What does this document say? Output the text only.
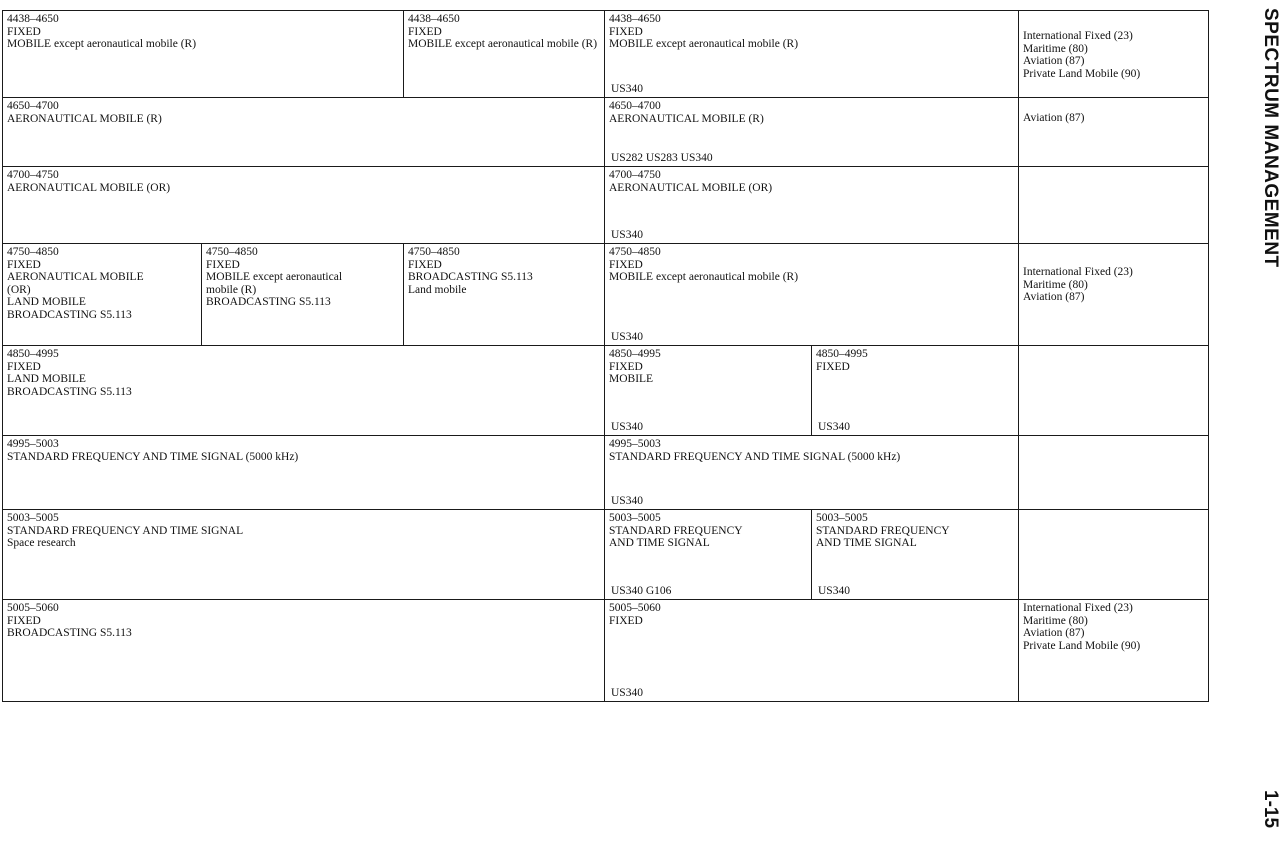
SPECTRUM MANAGEMENT
1-15
4438–4650
FIXED
MOBILE except aeronautical mobile (R)
4438–4650
FIXED
MOBILE except aeronautical mobile (R)
4438–4650
FIXED
MOBILE except aeronautical mobile (R)
US340
International Fixed (23)
Maritime (80)
Aviation (87)
Private Land Mobile (90)
4650–4700
AERONAUTICAL MOBILE (R)
4650–4700
AERONAUTICAL MOBILE (R)
US282 US283 US340
Aviation (87)
4700–4750
AERONAUTICAL MOBILE (OR)
4700–4750
AERONAUTICAL MOBILE (OR)
US340
4750–4850
FIXED
AERONAUTICAL MOBILE
(OR)
LAND MOBILE
BROADCASTING S5.113
4750–4850
FIXED
MOBILE except aeronautical
mobile (R)
BROADCASTING S5.113
4750–4850
FIXED
BROADCASTING S5.113
Land mobile
4750–4850
FIXED
MOBILE except aeronautical mobile (R)
US340
International Fixed (23)
Maritime (80)
Aviation (87)
4850–4995
FIXED
LAND MOBILE
BROADCASTING S5.113
4850–4995
FIXED
MOBILE
US340
4850–4995
FIXED
US340
4995–5003
STANDARD FREQUENCY AND TIME SIGNAL (5000 kHz)
4995–5003
STANDARD FREQUENCY AND TIME SIGNAL (5000 kHz)
US340
5003–5005
STANDARD FREQUENCY AND TIME SIGNAL
Space research
5003–5005
STANDARD FREQUENCY
AND TIME SIGNAL
US340 G106
5003–5005
STANDARD FREQUENCY
AND TIME SIGNAL
US340
5005–5060
FIXED
BROADCASTING S5.113
5005–5060
FIXED
US340
International Fixed (23)
Maritime (80)
Aviation (87)
Private Land Mobile (90)
